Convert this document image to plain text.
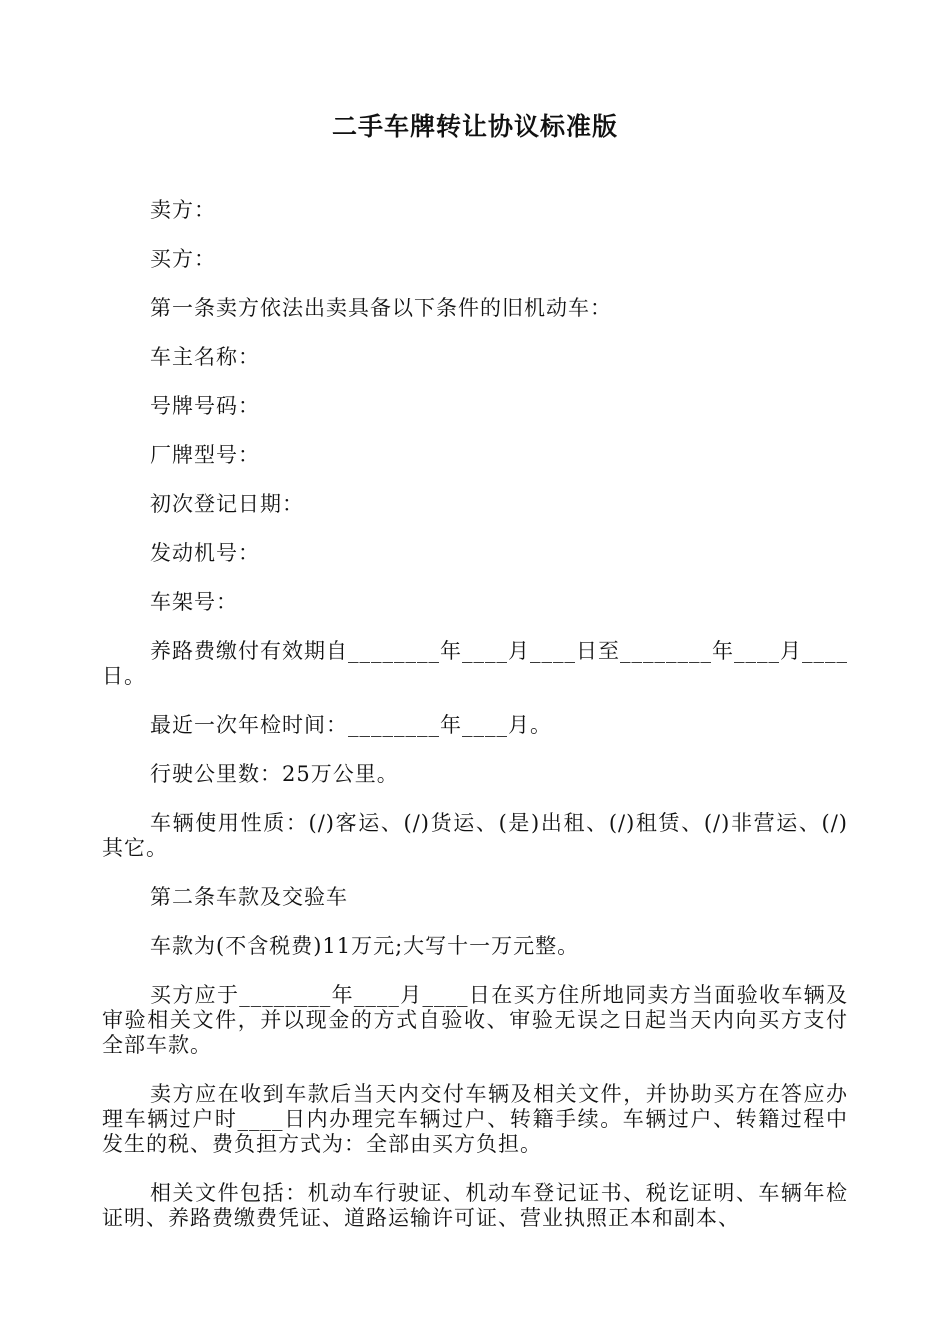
二手车牌转让协议标准版

卖方：

买方：

第一条卖方依法出卖具备以下条件的旧机动车：

车主名称：

号牌号码：

厂牌型号：

初次登记日期：

发动机号：

车架号：

养路费缴付有效期自________年____月____日至________年____月____日。

最近一次年检时间：________年____月。

行驶公里数：25万公里。

车辆使用性质：(/)客运、(/)货运、(是)出租、(/)租赁、(/)非营运、(/)其它。

第二条车款及交验车

车款为(不含税费)11万元;大写十一万元整。

买方应于________年____月____日在买方住所地同卖方当面验收车辆及审验相关文件，并以现金的方式自验收、审验无误之日起当天内向买方支付全部车款。

卖方应在收到车款后当天内交付车辆及相关文件，并协助买方在答应办理车辆过户时____日内办理完车辆过户、转籍手续。车辆过户、转籍过程中发生的税、费负担方式为：全部由买方负担。

相关文件包括：机动车行驶证、机动车登记证书、税讫证明、车辆年检证明、养路费缴费凭证、道路运输许可证、营业执照正本和副本、
